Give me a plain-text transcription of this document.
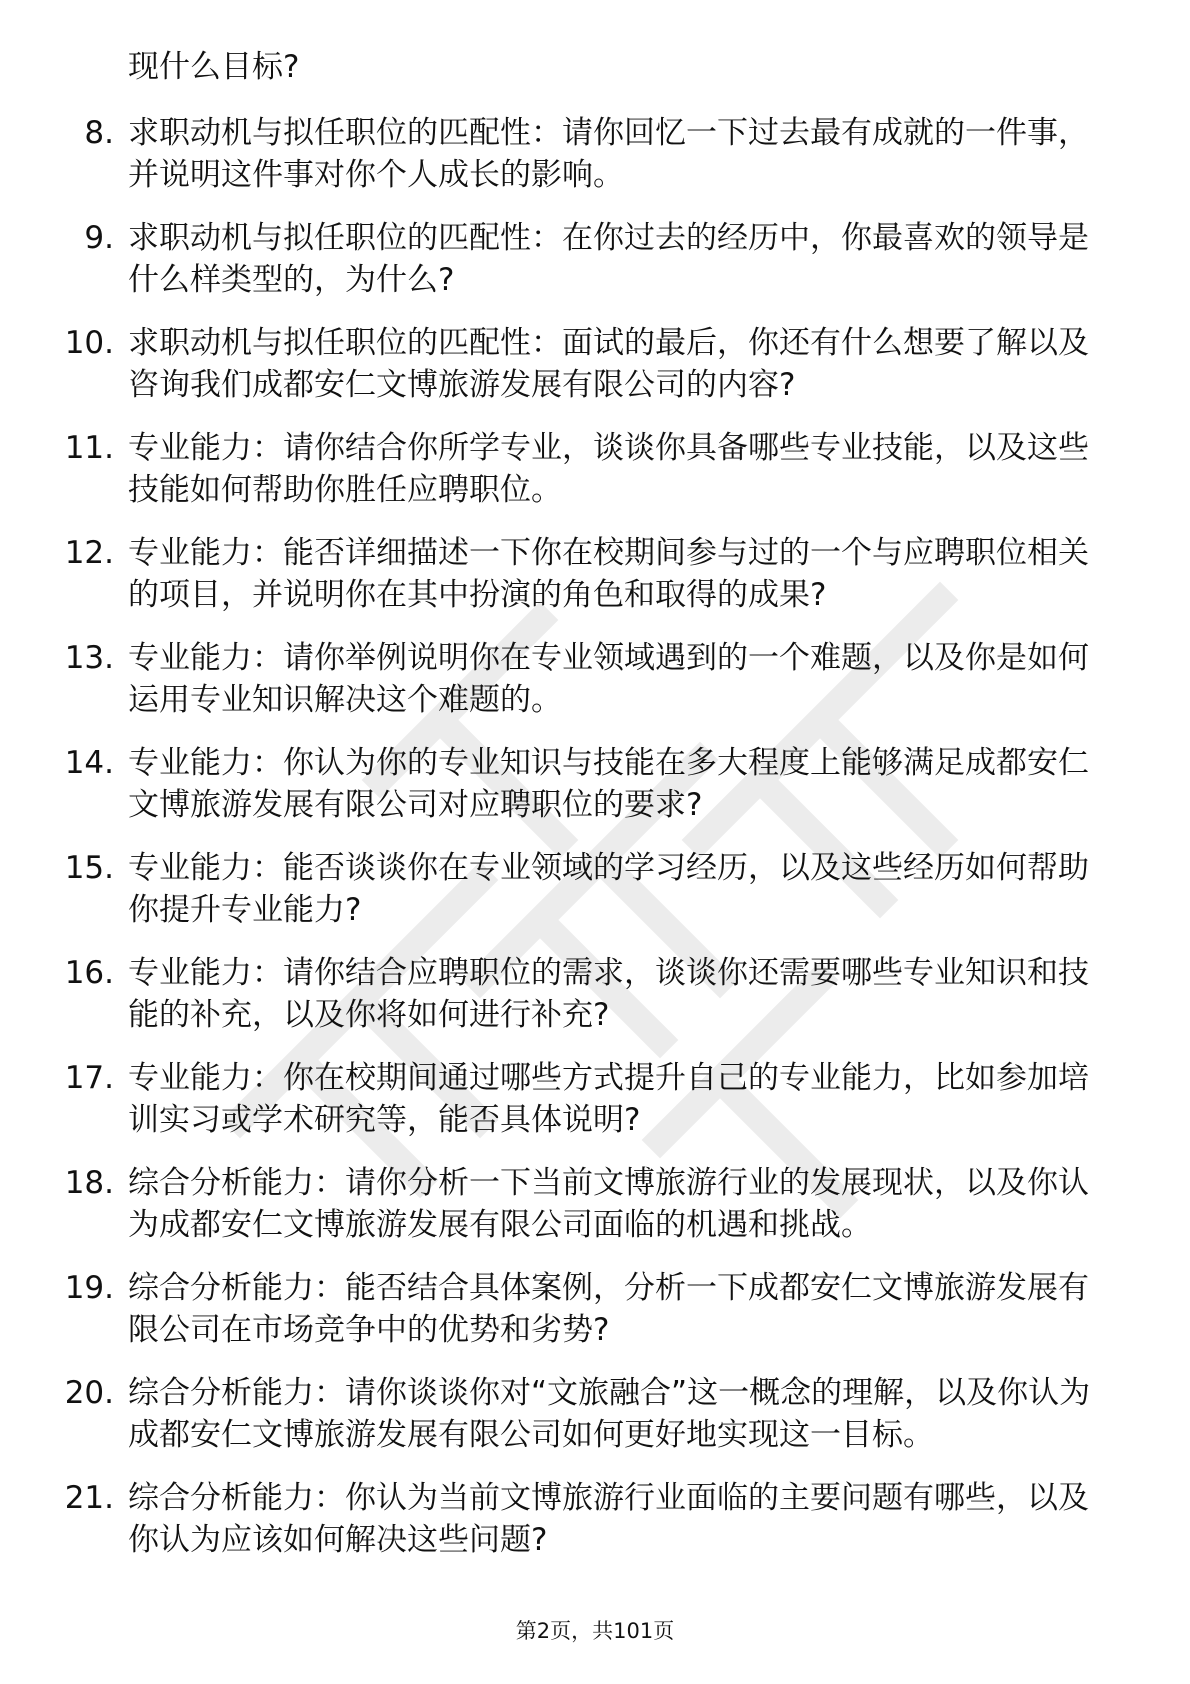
现什么目标?
8. 求职动机与拟任职位的匹配性：请你回忆一下过去最有成就的一件事，并说明这件事对你个人成长的影响。
9. 求职动机与拟任职位的匹配性：在你过去的经历中，你最喜欢的领导是什么样类型的，为什么?
10. 求职动机与拟任职位的匹配性：面试的最后，你还有什么想要了解以及咨询我们成都安仁文博旅游发展有限公司的内容?
11. 专业能力：请你结合你所学专业，谈谈你具备哪些专业技能，以及这些技能如何帮助你胜任应聘职位。
12. 专业能力：能否详细描述一下你在校期间参与过的一个与应聘职位相关的项目，并说明你在其中扮演的角色和取得的成果?
13. 专业能力：请你举例说明你在专业领域遇到的一个难题，以及你是如何运用专业知识解决这个难题的。
14. 专业能力：你认为你的专业知识与技能在多大程度上能够满足成都安仁文博旅游发展有限公司对应聘职位的要求?
15. 专业能力：能否谈谈你在专业领域的学习经历，以及这些经历如何帮助你提升专业能力?
16. 专业能力：请你结合应聘职位的需求，谈谈你还需要哪些专业知识和技能的补充，以及你将如何进行补充?
17. 专业能力：你在校期间通过哪些方式提升自己的专业能力，比如参加培训实习或学术研究等，能否具体说明?
18. 综合分析能力：请你分析一下当前文博旅游行业的发展现状，以及你认为成都安仁文博旅游发展有限公司面临的机遇和挑战。
19. 综合分析能力：能否结合具体案例，分析一下成都安仁文博旅游发展有限公司在市场竞争中的优势和劣势?
20. 综合分析能力：请你谈谈你对“文旅融合”这一概念的理解，以及你认为成都安仁文博旅游发展有限公司如何更好地实现这一目标。
21. 综合分析能力：你认为当前文博旅游行业面临的主要问题有哪些，以及你认为应该如何解决这些问题?
第2页，共101页
